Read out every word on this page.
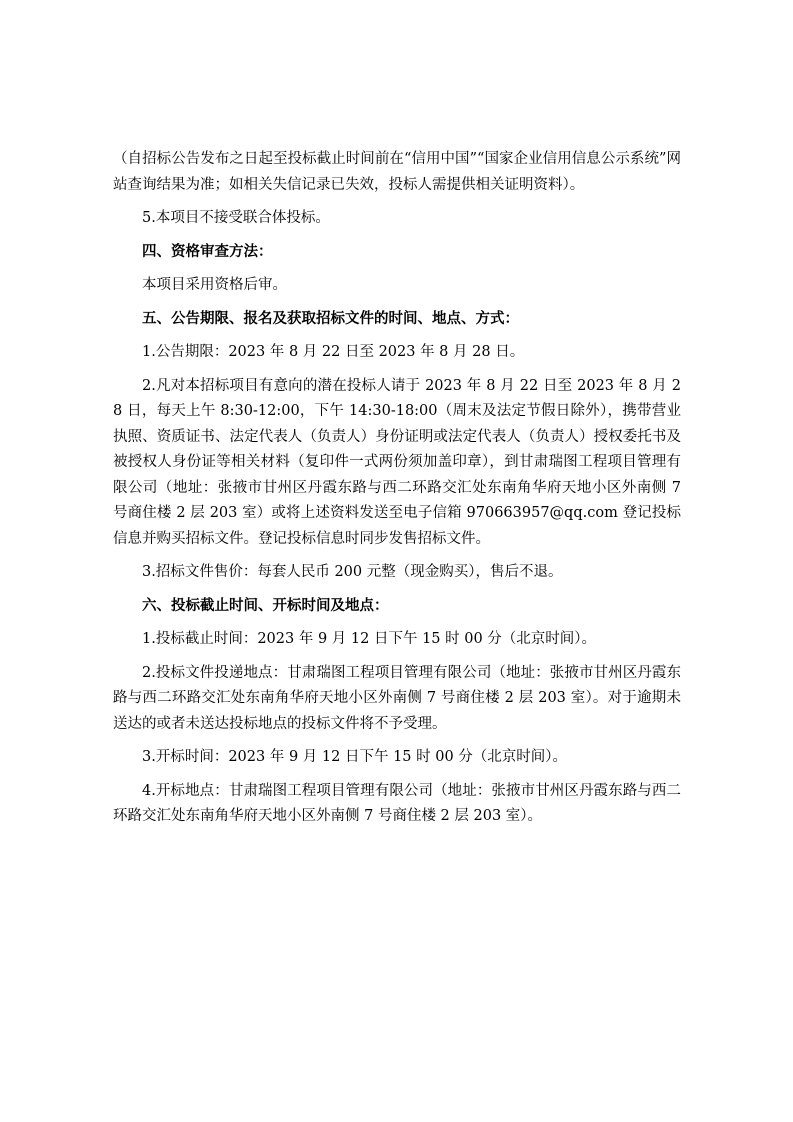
（自招标公告发布之日起至投标截止时间前在“信用中国”“国家企业信用信息公示系统”网站查询结果为准；如相关失信记录已失效，投标人需提供相关证明资料）。

5.本项目不接受联合体投标。

四、资格审查方法：

本项目采用资格后审。

五、公告期限、报名及获取招标文件的时间、地点、方式：

1.公告期限：2023 年 8 月 22 日至 2023 年 8 月 28 日。

2.凡对本招标项目有意向的潜在投标人请于 2023 年 8 月 22 日至 2023 年 8 月 28 日，每天上午 8:30-12:00，下午 14:30-18:00（周末及法定节假日除外），携带营业执照、资质证书、法定代表人（负责人）身份证明或法定代表人（负责人）授权委托书及被授权人身份证等相关材料（复印件一式两份须加盖印章），到甘肃瑞图工程项目管理有限公司（地址：张掖市甘州区丹霞东路与西二环路交汇处东南角华府天地小区外南侧 7 号商住楼 2 层 203 室）或将上述资料发送至电子信箱 970663957@qq.com 登记投标信息并购买招标文件。登记投标信息时同步发售招标文件。

3.招标文件售价：每套人民币 200 元整（现金购买），售后不退。

六、投标截止时间、开标时间及地点：

1.投标截止时间：2023 年 9 月 12 日下午 15 时 00 分（北京时间）。

2.投标文件投递地点：甘肃瑞图工程项目管理有限公司（地址：张掖市甘州区丹霞东路与西二环路交汇处东南角华府天地小区外南侧 7 号商住楼 2 层 203 室）。对于逾期未送达的或者未送达投标地点的投标文件将不予受理。

3.开标时间：2023 年 9 月 12 日下午 15 时 00 分（北京时间）。

4.开标地点：甘肃瑞图工程项目管理有限公司（地址：张掖市甘州区丹霞东路与西二环路交汇处东南角华府天地小区外南侧 7 号商住楼 2 层 203 室）。
